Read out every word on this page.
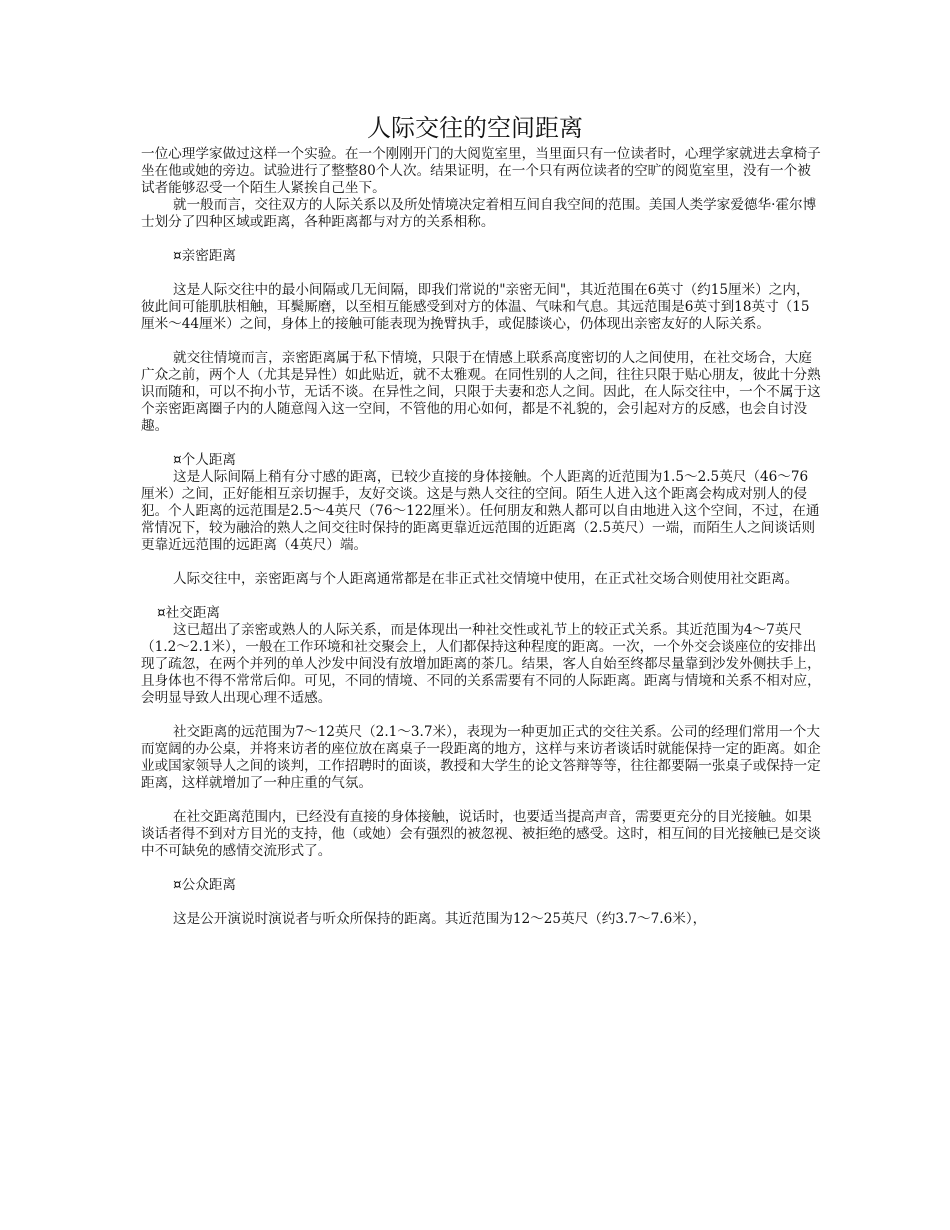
人际交往的空间距离

一位心理学家做过这样一个实验。在一个刚刚开门的大阅览室里，当里面只有一位读者时，心理学家就进去拿椅子坐在他或她的旁边。试验进行了整整80个人次。结果证明，在一个只有两位读者的空旷的阅览室里，没有一个被试者能够忍受一个陌生人紧挨自己坐下。

就一般而言，交往双方的人际关系以及所处情境决定着相互间自我空间的范围。美国人类学家爱德华·霍尔博士划分了四种区域或距离，各种距离都与对方的关系相称。

¤亲密距离

这是人际交往中的最小间隔或几无间隔，即我们常说的"亲密无间"，其近范围在6英寸（约15厘米）之内，彼此间可能肌肤相触，耳鬓厮磨，以至相互能感受到对方的体温、气味和气息。其远范围是6英寸到18英寸（15厘米～44厘米）之间，身体上的接触可能表现为挽臂执手，或促膝谈心，仍体现出亲密友好的人际关系。

就交往情境而言，亲密距离属于私下情境，只限于在情感上联系高度密切的人之间使用，在社交场合，大庭广众之前，两个人（尤其是异性）如此贴近，就不太雅观。在同性别的人之间，往往只限于贴心朋友，彼此十分熟识而随和，可以不拘小节，无话不谈。在异性之间，只限于夫妻和恋人之间。因此，在人际交往中，一个不属于这个亲密距离圈子内的人随意闯入这一空间，不管他的用心如何，都是不礼貌的，会引起对方的反感，也会自讨没趣。

¤个人距离

这是人际间隔上稍有分寸感的距离，已较少直接的身体接触。个人距离的近范围为1.5～2.5英尺（46～76厘米）之间，正好能相互亲切握手，友好交谈。这是与熟人交往的空间。陌生人进入这个距离会构成对别人的侵犯。个人距离的远范围是2.5～4英尺（76～122厘米）。任何朋友和熟人都可以自由地进入这个空间，不过，在通常情况下，较为融洽的熟人之间交往时保持的距离更靠近远范围的近距离（2.5英尺）一端，而陌生人之间谈话则更靠近远范围的远距离（4英尺）端。

人际交往中，亲密距离与个人距离通常都是在非正式社交情境中使用，在正式社交场合则使用社交距离。

¤社交距离

这已超出了亲密或熟人的人际关系，而是体现出一种社交性或礼节上的较正式关系。其近范围为4～7英尺（1.2～2.1米），一般在工作环境和社交聚会上，人们都保持这种程度的距离。一次，一个外交会谈座位的安排出现了疏忽，在两个并列的单人沙发中间没有放增加距离的茶几。结果，客人自始至终都尽量靠到沙发外侧扶手上，且身体也不得不常常后仰。可见，不同的情境、不同的关系需要有不同的人际距离。距离与情境和关系不相对应，会明显导致人出现心理不适感。

社交距离的远范围为7～12英尺（2.1～3.7米），表现为一种更加正式的交往关系。公司的经理们常用一个大而宽阔的办公桌，并将来访者的座位放在离桌子一段距离的地方，这样与来访者谈话时就能保持一定的距离。如企业或国家领导人之间的谈判，工作招聘时的面谈，教授和大学生的论文答辩等等，往往都要隔一张桌子或保持一定距离，这样就增加了一种庄重的气氛。

在社交距离范围内，已经没有直接的身体接触，说话时，也要适当提高声音，需要更充分的目光接触。如果谈话者得不到对方目光的支持，他（或她）会有强烈的被忽视、被拒绝的感受。这时，相互间的目光接触已是交谈中不可缺免的感情交流形式了。

¤公众距离

这是公开演说时演说者与听众所保持的距离。其近范围为12～25英尺（约3.7～7.6米），
